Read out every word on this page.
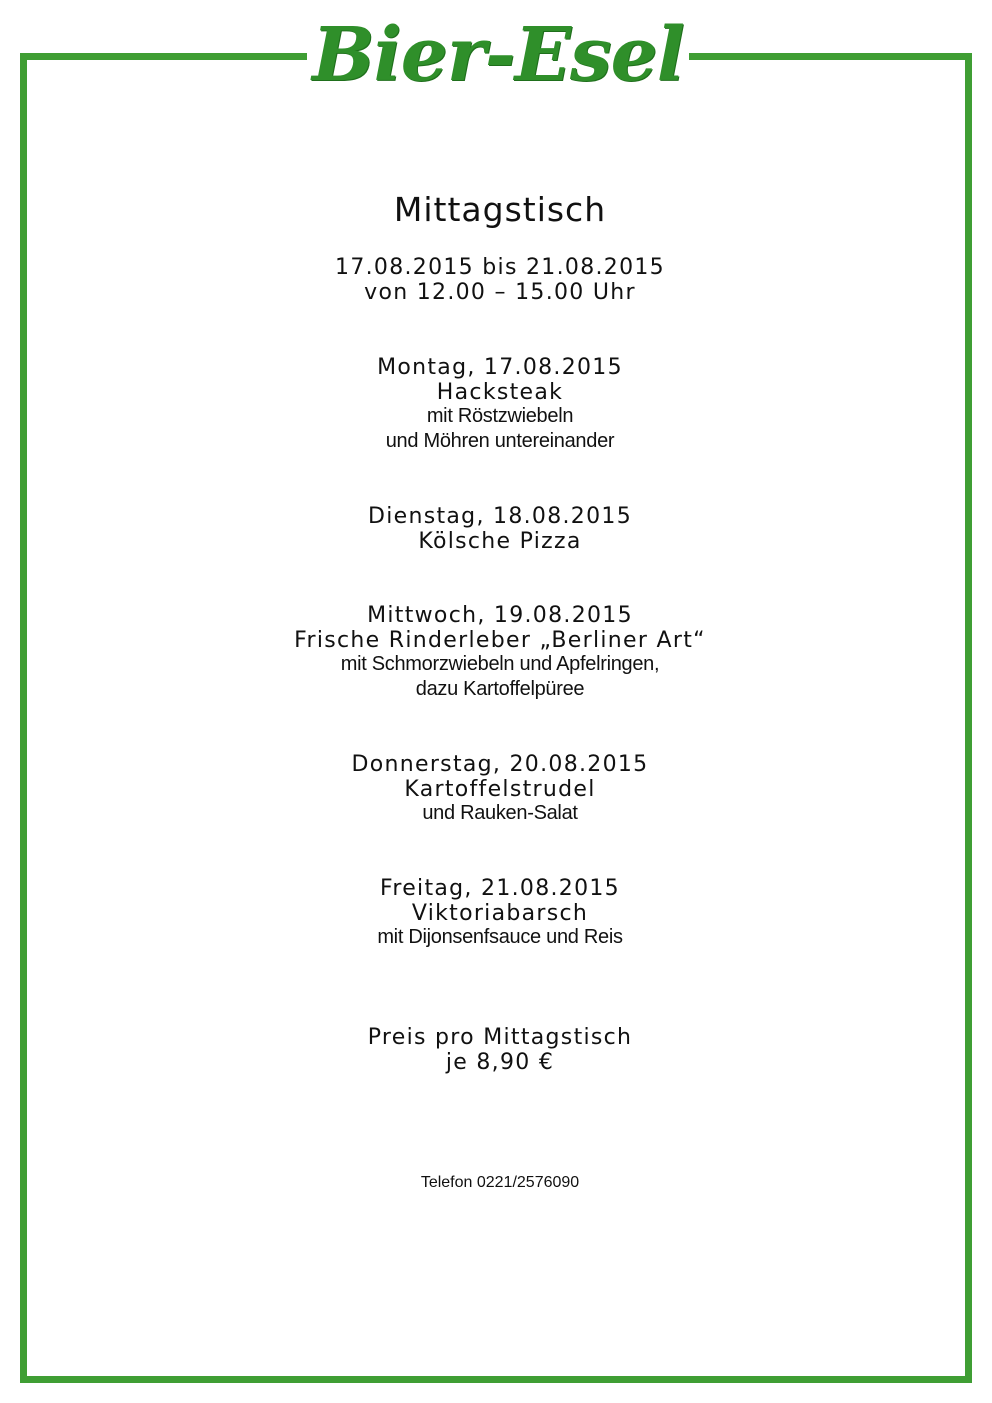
Bier-Esel
Mittagstisch
17.08.2015 bis 21.08.2015
von 12.00 – 15.00 Uhr
Montag, 17.08.2015
Hacksteak
mit Röstzwiebeln
und Möhren untereinander
Dienstag, 18.08.2015
Kölsche Pizza
Mittwoch, 19.08.2015
Frische Rinderleber „Berliner Art“
mit Schmorzwiebeln und Apfelringen,
dazu Kartoffelpüree
Donnerstag, 20.08.2015
Kartoffelstrudel
und Rauken-Salat
Freitag, 21.08.2015
Viktoriabarsch
mit Dijonsenfsauce und Reis
Preis pro Mittagstisch
je 8,90 €
Telefon 0221/2576090
